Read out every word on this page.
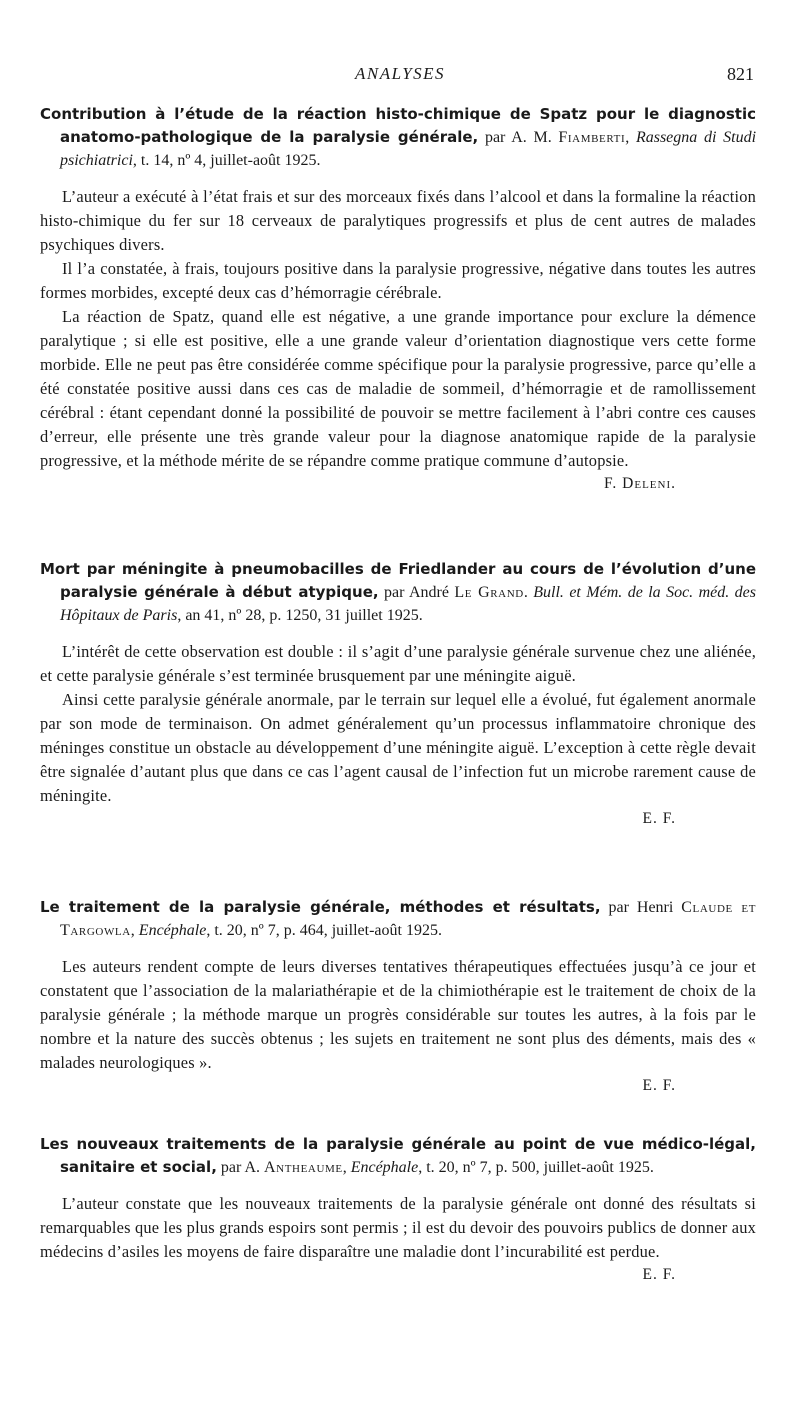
ANALYSES	821

Contribution à l’étude de la réaction histo-chimique de Spatz pour le diagnostic anatomo-pathologique de la paralysie générale, par A. M. Fiamberti, Rassegna di Studi psichiatrici, t. 14, nº 4, juillet-août 1925.

L’auteur a exécuté à l’état frais et sur des morceaux fixés dans l’alcool et dans la formaline la réaction histo-chimique du fer sur 18 cerveaux de paralytiques progressifs et plus de cent autres de malades psychiques divers.

Il l’a constatée, à frais, toujours positive dans la paralysie progressive, négative dans toutes les autres formes morbides, excepté deux cas d’hémorragie cérébrale.

La réaction de Spatz, quand elle est négative, a une grande importance pour exclure la démence paralytique ; si elle est positive, elle a une grande valeur d’orientation diagnostique vers cette forme morbide. Elle ne peut pas être considérée comme spécifique pour la paralysie progressive, parce qu’elle a été constatée positive aussi dans ces cas de maladie de sommeil, d’hémorragie et de ramollissement cérébral : étant cependant donné la possibilité de pouvoir se mettre facilement à l’abri contre ces causes d’erreur, elle présente une très grande valeur pour la diagnose anatomique rapide de la paralysie progressive, et la méthode mérite de se répandre comme pratique commune d’autopsie.

F. Deleni.

Mort par méningite à pneumobacilles de Friedlander au cours de l’évolution d’une paralysie générale à début atypique, par André Le Grand. Bull. et Mém. de la Soc. méd. des Hôpitaux de Paris, an 41, nº 28, p. 1250, 31 juillet 1925.

L’intérêt de cette observation est double : il s’agit d’une paralysie générale survenue chez une aliénée, et cette paralysie générale s’est terminée brusquement par une méningite aiguë.

Ainsi cette paralysie générale anormale, par le terrain sur lequel elle a évolué, fut également anormale par son mode de terminaison. On admet généralement qu’un processus inflammatoire chronique des méninges constitue un obstacle au développement d’une méningite aiguë. L’exception à cette règle devait être signalée d’autant plus que dans ce cas l’agent causal de l’infection fut un microbe rarement cause de méningite.

E. F.

Le traitement de la paralysie générale, méthodes et résultats, par Henri Claude et Targowla, Encéphale, t. 20, nº 7, p. 464, juillet-août 1925.

Les auteurs rendent compte de leurs diverses tentatives thérapeutiques effectuées jusqu’à ce jour et constatent que l’association de la malariathérapie et de la chimiothérapie est le traitement de choix de la paralysie générale ; la méthode marque un progrès considérable sur toutes les autres, à la fois par le nombre et la nature des succès obtenus ; les sujets en traitement ne sont plus des déments, mais des « malades neurologiques ».

E. F.

Les nouveaux traitements de la paralysie générale au point de vue médico-légal, sanitaire et social, par A. Antheaume, Encéphale, t. 20, nº 7, p. 500, juillet-août 1925.

L’auteur constate que les nouveaux traitements de la paralysie générale ont donné des résultats si remarquables que les plus grands espoirs sont permis ; il est du devoir des pouvoirs publics de donner aux médecins d’asiles les moyens de faire disparaître une maladie dont l’incurabilité est perdue.

E. F.
